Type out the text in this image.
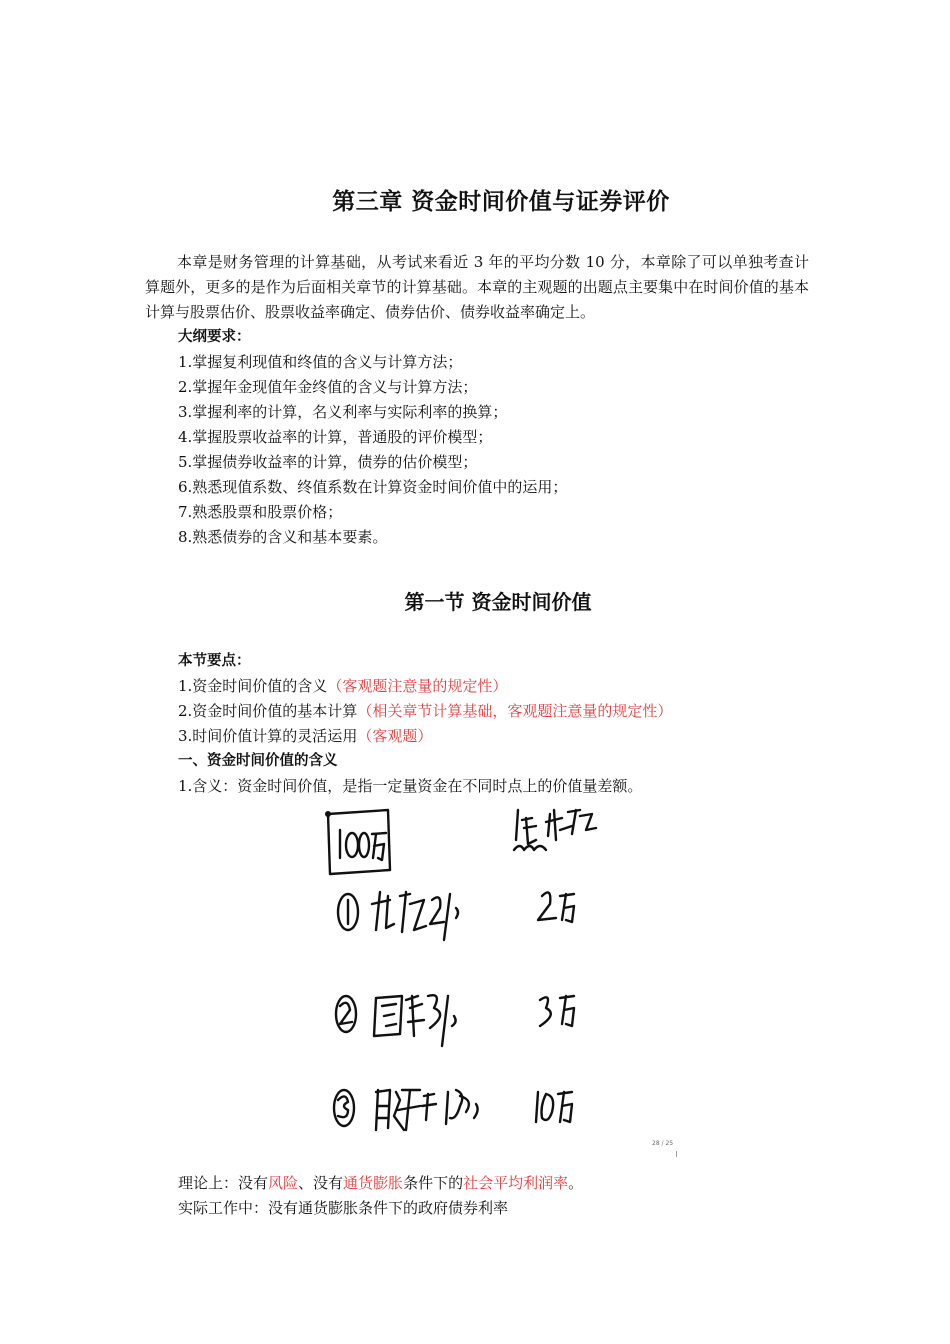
第三章 资金时间价值与证券评价
本章是财务管理的计算基础，从考试来看近 3 年的平均分数 10 分，本章除了可以单独考查计算题外，更多的是作为后面相关章节的计算基础。本章的主观题的出题点主要集中在时间价值的基本计算与股票估价、股票收益率确定、债券估价、债券收益率确定上。
大纲要求：
1.掌握复利现值和终值的含义与计算方法；
2.掌握年金现值年金终值的含义与计算方法；
3.掌握利率的计算，名义利率与实际利率的换算；
4.掌握股票收益率的计算，普通股的评价模型；
5.掌握债券收益率的计算，债券的估价模型；
6.熟悉现值系数、终值系数在计算资金时间价值中的运用；
7.熟悉股票和股票价格；
8.熟悉债券的含义和基本要素。
第一节 资金时间价值
本节要点：
1.资金时间价值的含义（客观题注意量的规定性）
2.资金时间价值的基本计算（相关章节计算基础，客观题注意量的规定性）
3.时间价值计算的灵活运用（客观题）
一、资金时间价值的含义
1.含义：资金时间价值，是指一定量资金在不同时点上的价值量差额。
28 / 25
理论上：没有风险、没有通货膨胀条件下的社会平均利润率。
实际工作中：没有通货膨胀条件下的政府债券利率
